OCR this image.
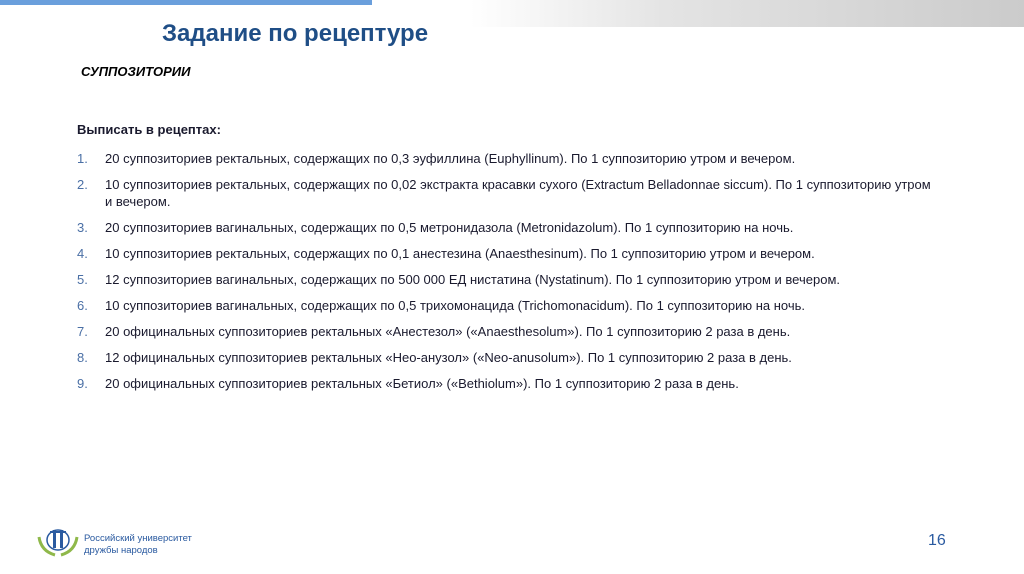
Задание по рецептуре
СУППОЗИТОРИИ
Выписать в рецептах:
1.	20 суппозиториев ректальных, содержащих по 0,3 эуфиллина (Euphyllinum). По 1 суппозиторию утром и вечером.
2.	10 суппозиториев ректальных, содержащих по 0,02 экстракта красавки сухого (Extractum Belladonnae siccum). По 1 суппозиторию утром и вечером.
3.	20 суппозиториев вагинальных, содержащих по 0,5 метронидазола (Metronidazolum). По 1 суппозиторию на ночь.
4.	10 суппозиториев ректальных, содержащих по 0,1 анестезина (Anaesthesinum). По 1 суппозиторию утром и вечером.
5.	12 суппозиториев вагинальных, содержащих по 500 000 ЕД нистатина (Nystatinum). По 1 суппозиторию утром и вечером.
6.	10 суппозиториев вагинальных, содержащих по 0,5 трихомонацида (Trichomonacidum). По 1 суппозиторию на ночь.
7.	20 официнальных суппозиториев ректальных «Анестезол» («Anaesthesolum»). По 1 суппозиторию 2 раза в день.
8.	12 официнальных суппозиториев ректальных «Нео-анузол» («Neo-anusolum»). По 1 суппозиторию 2 раза в день.
9.	20 официнальных суппозиториев ректальных «Бетиол» («Bethiolum»). По 1 суппозиторию 2 раза в день.
Российский университет
дружбы народов
16
